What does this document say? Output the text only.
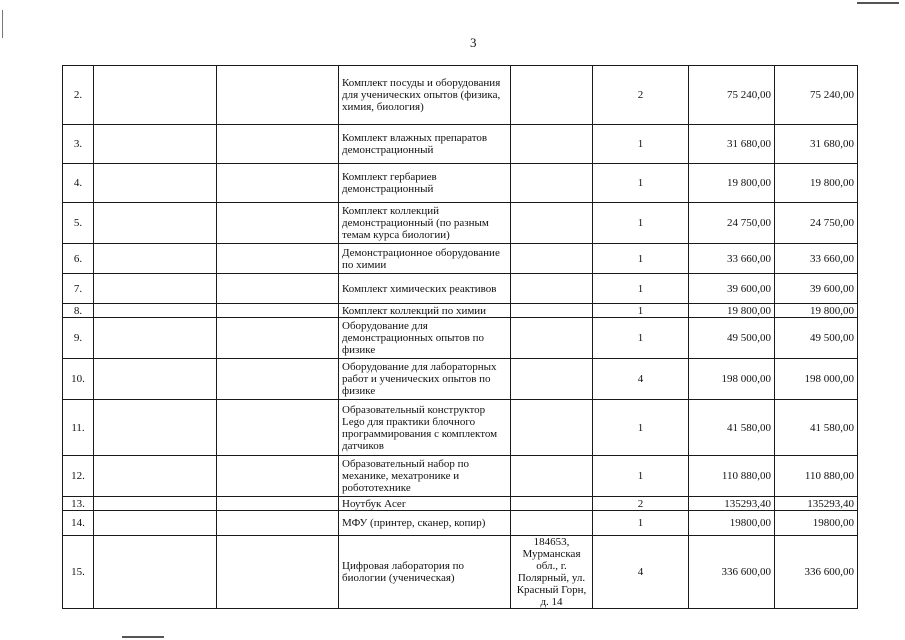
3
2.			Комплект посуды и оборудования для ученических опытов (физика, химия, биология)		2	75 240,00	75 240,00
3.			Комплект влажных препаратов демонстрационный		1	31 680,00	31 680,00
4.			Комплект гербариев демонстрационный		1	19 800,00	19 800,00
5.			Комплект коллекций демонстрационный (по разным темам курса биологии)		1	24 750,00	24 750,00
6.			Демонстрационное оборудование по химии		1	33 660,00	33 660,00
7.			Комплект химических реактивов		1	39 600,00	39 600,00
8.			Комплект коллекций по химии		1	19 800,00	19 800,00
9.			Оборудование для демонстрационных опытов по физике		1	49 500,00	49 500,00
10.			Оборудование для лабораторных работ и ученических опытов по физике		4	198 000,00	198 000,00
11.			Образовательный конструктор Lego для практики блочного программирования с комплектом датчиков		1	41 580,00	41 580,00
12.			Образовательный набор по механике, мехатронике и робототехнике		1	110 880,00	110 880,00
13.			Ноутбук Acer		2	135293,40	135293,40
14.			МФУ (принтер, сканер, копир)		1	19800,00	19800,00
15.			Цифровая лаборатория по биологии (ученическая)	184653, Мурманская обл., г. Полярный, ул. Красный Горн, д. 14	4	336 600,00	336 600,00
